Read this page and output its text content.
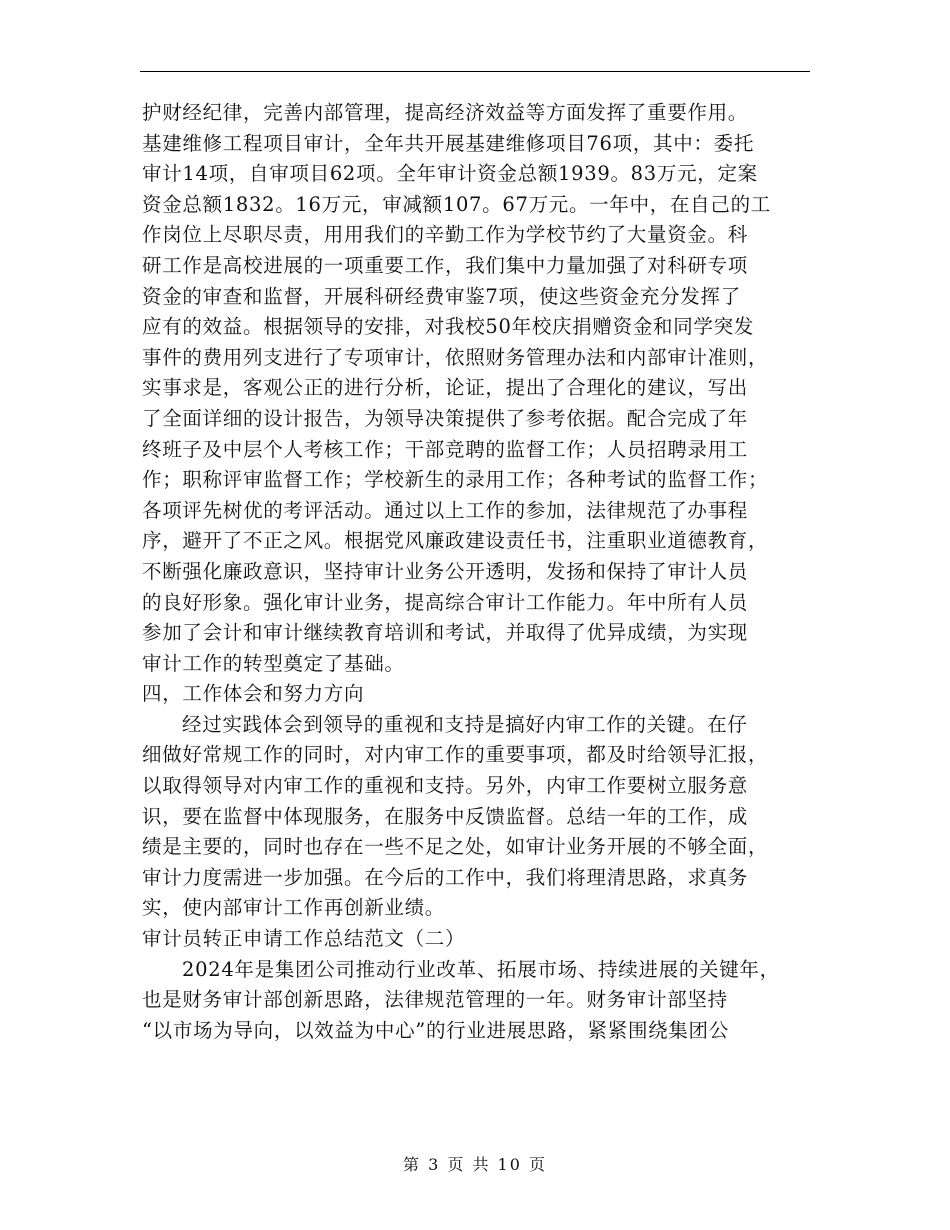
护财经纪律，完善内部管理，提高经济效益等方面发挥了重要作用。
基建维修工程项目审计，全年共开展基建维修项目76项，其中：委托
审计14项，自审项目62项。全年审计资金总额1939。83万元，定案
资金总额1832。16万元，审减额107。67万元。一年中，在自己的工
作岗位上尽职尽责，用用我们的辛勤工作为学校节约了大量资金。科
研工作是高校进展的一项重要工作，我们集中力量加强了对科研专项
资金的审查和监督，开展科研经费审鉴7项，使这些资金充分发挥了
应有的效益。根据领导的安排，对我校50年校庆捐赠资金和同学突发
事件的费用列支进行了专项审计，依照财务管理办法和内部审计准则，
实事求是，客观公正的进行分析，论证，提出了合理化的建议，写出
了全面详细的设计报告，为领导决策提供了参考依据。配合完成了年
终班子及中层个人考核工作；干部竞聘的监督工作；人员招聘录用工
作；职称评审监督工作；学校新生的录用工作；各种考试的监督工作；
各项评先树优的考评活动。通过以上工作的参加，法律规范了办事程
序，避开了不正之风。根据党风廉政建设责任书，注重职业道德教育，
不断强化廉政意识，坚持审计业务公开透明，发扬和保持了审计人员
的良好形象。强化审计业务，提高综合审计工作能力。年中所有人员
参加了会计和审计继续教育培训和考试，并取得了优异成绩，为实现
审计工作的转型奠定了基础。

四，工作体会和努力方向

经过实践体会到领导的重视和支持是搞好内审工作的关键。在仔
细做好常规工作的同时，对内审工作的重要事项，都及时给领导汇报，
以取得领导对内审工作的重视和支持。另外，内审工作要树立服务意
识，要在监督中体现服务，在服务中反馈监督。总结一年的工作，成
绩是主要的，同时也存在一些不足之处，如审计业务开展的不够全面，
审计力度需进一步加强。在今后的工作中，我们将理清思路，求真务
实，使内部审计工作再创新业绩。

审计员转正申请工作总结范文（二）

2024年是集团公司推动行业改革、拓展市场、持续进展的关键年，
也是财务审计部创新思路，法律规范管理的一年。财务审计部坚持
“以市场为导向，以效益为中心”的行业进展思路，紧紧围绕集团公

第 3 页 共 10 页
